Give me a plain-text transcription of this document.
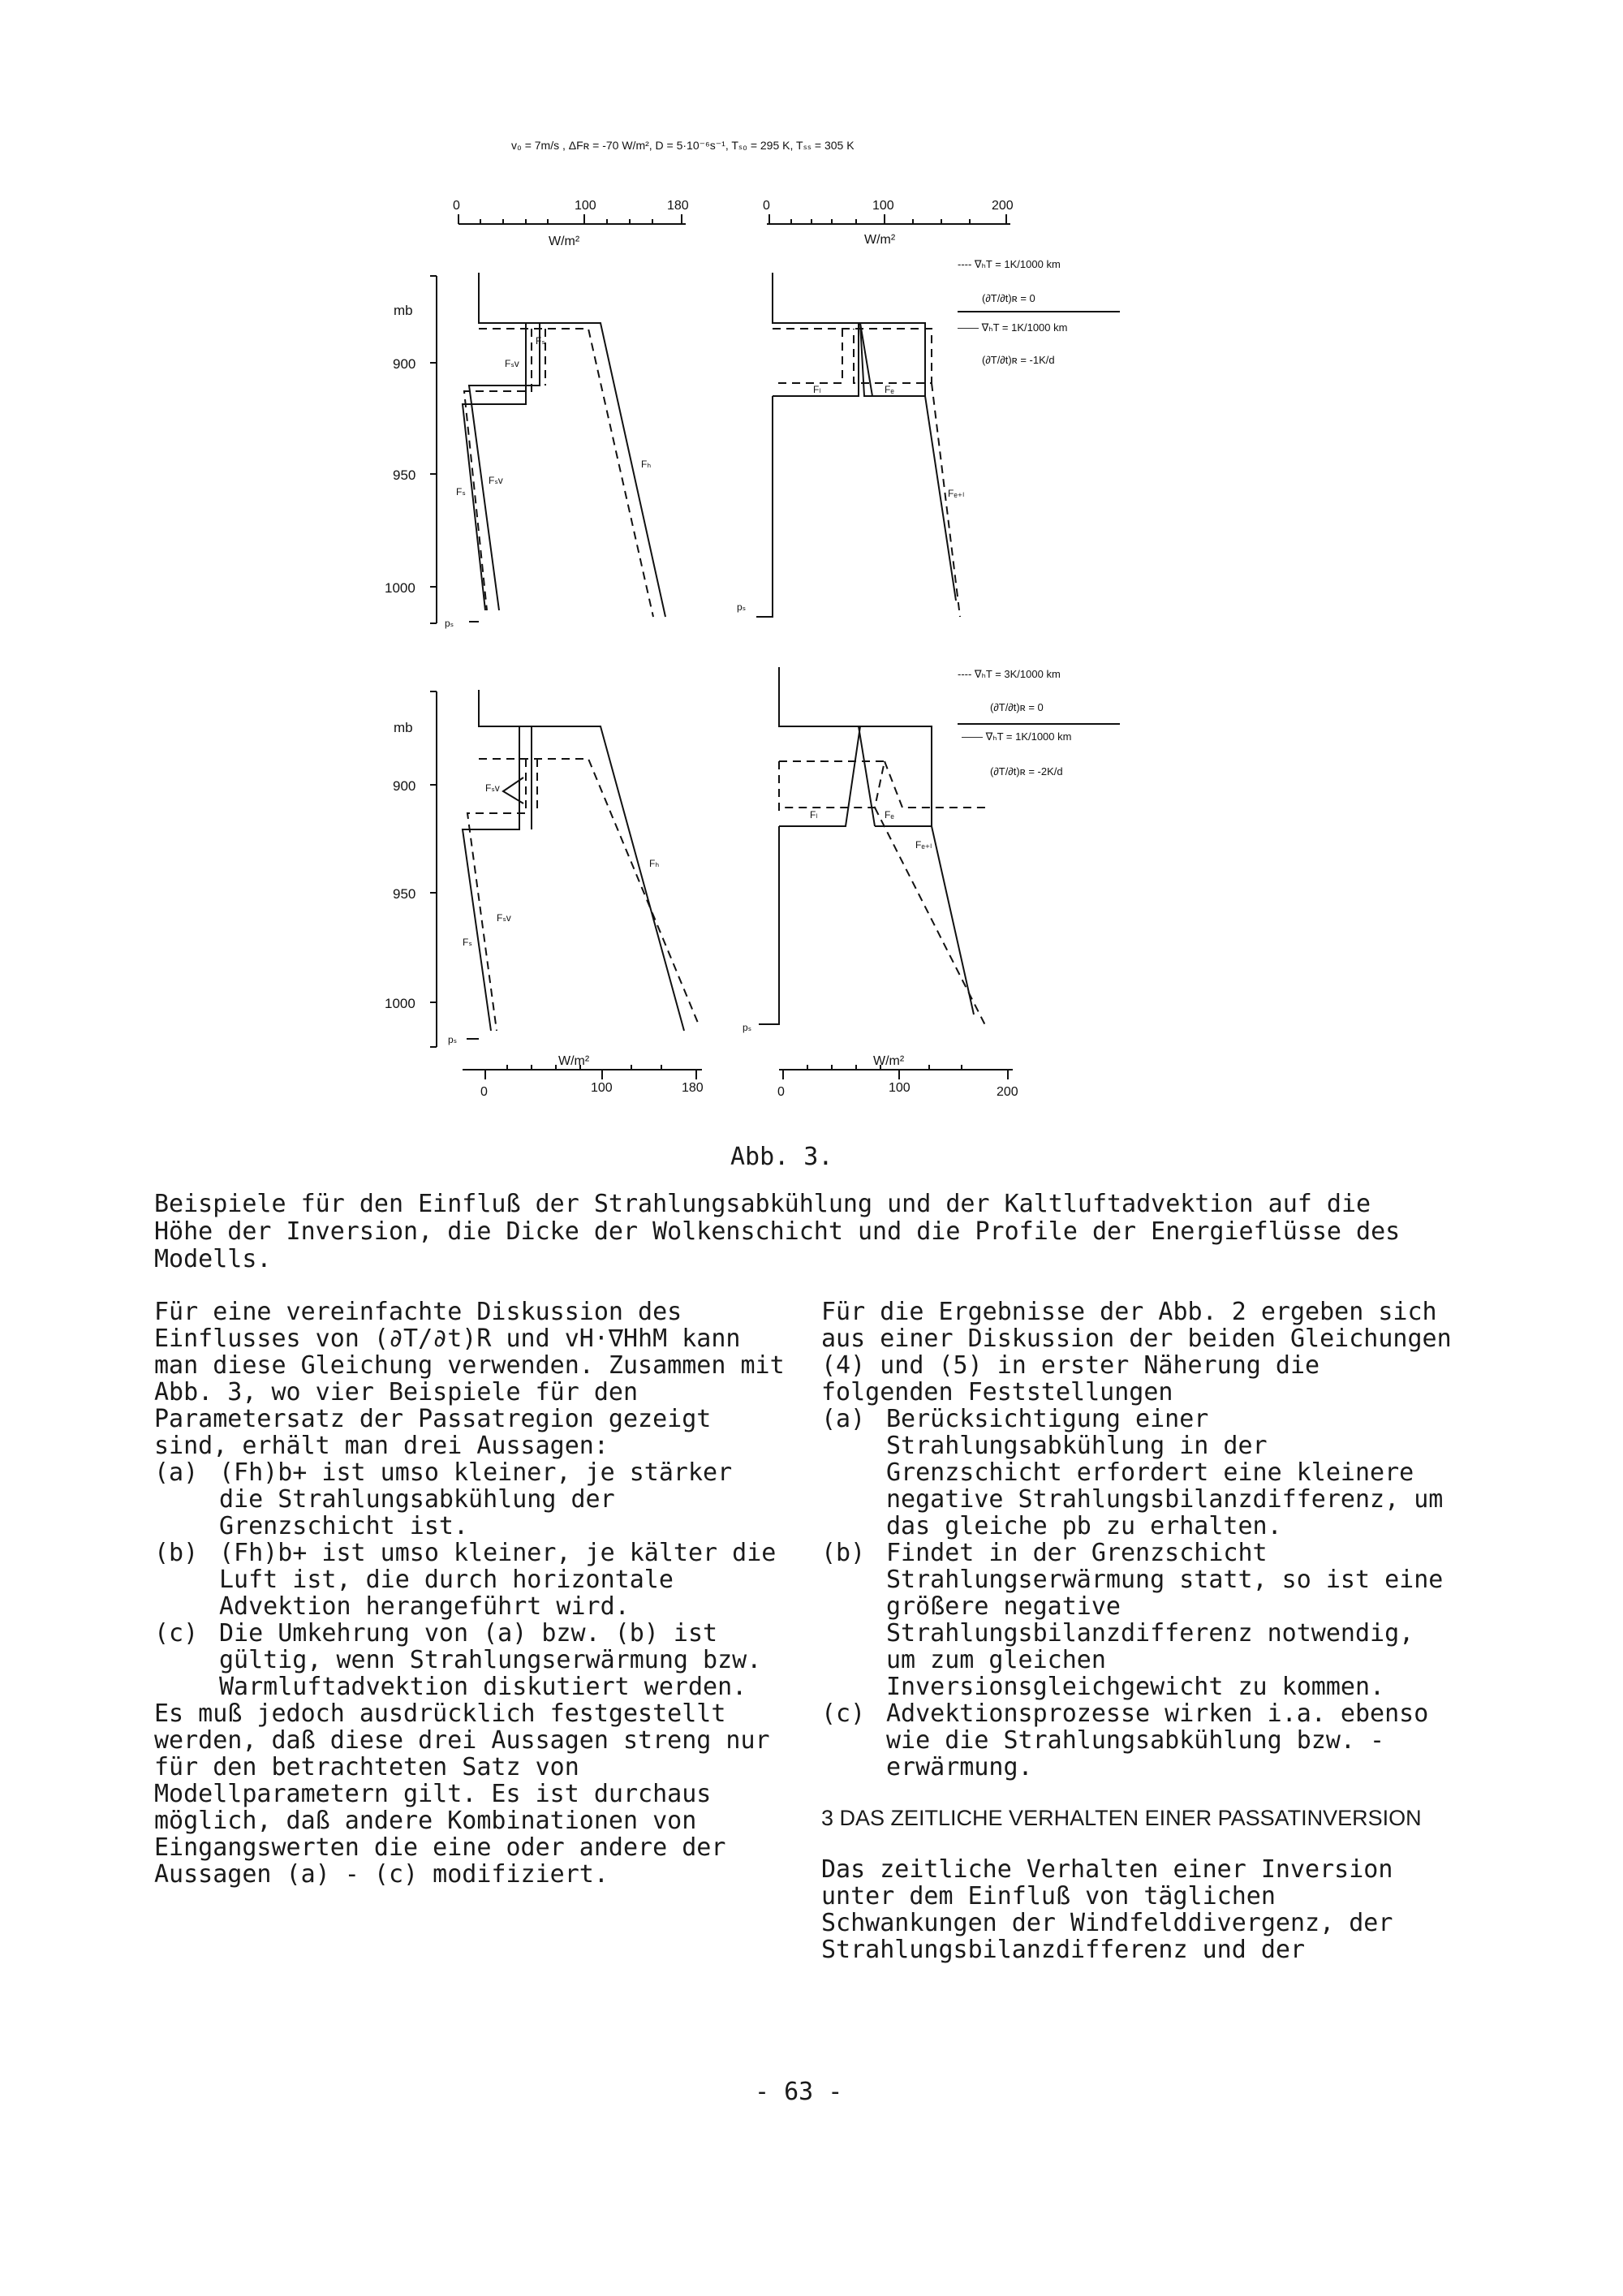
v₀ = 7m/s , ΔFʀ = -70 W/m², D = 5·10⁻⁶s⁻¹, Tₛ₀ = 295 K, Tₛₛ = 305 K
0	100	180
W/m²
0	100	200
W/m²
mb
900
950
1000
Fₛ
Fₛv
Fₕ
Fₛv
Fₛ
pₛ
Fₗ	Fₑ
Fₑ₊ₗ
pₛ
---- ∇ₕT = 1K/1000 km
(∂T/∂t)ʀ = 0
—— ∇ₕT = 1K/1000 km
(∂T/∂t)ʀ = -1K/d
mb
900
950
1000
Fₛv
Fₕ
Fₛv
Fₛ
pₛ
Fₗ	Fₑ
Fₑ₊ₗ
pₛ
---- ∇ₕT = 3K/1000 km
(∂T/∂t)ʀ = 0
—— ∇ₕT = 1K/1000 km
(∂T/∂t)ʀ = -2K/d
W/m²
0	100	180
W/m²
0	100	200
Abb. 3.
Beispiele für den Einfluß der Strahlungsabkühlung und der Kaltluftadvektion auf die Höhe der Inversion, die Dicke der Wolkenschicht und die Profile der Energieflüsse des Modells.

Für eine vereinfachte Diskussion des Einflusses von (∂T/∂t)R und vH·∇HhM kann man diese Gleichung verwenden. Zusammen mit Abb. 3, wo vier Beispiele für den Parametersatz der Passatregion gezeigt sind, erhält man drei Aussagen:

(a) (Fh)b+ ist umso kleiner, je stärker die Strahlungsabkühlung der Grenzschicht ist.
(b) (Fh)b+ ist umso kleiner, je kälter die Luft ist, die durch horizontale Advektion herangeführt wird.
(c) Die Umkehrung von (a) bzw. (b) ist gültig, wenn Strahlungserwärmung bzw. Warmluftadvektion diskutiert werden.

Es muß jedoch ausdrücklich festgestellt werden, daß diese drei Aussagen streng nur für den betrachteten Satz von Modellparametern gilt. Es ist durchaus möglich, daß andere Kombinationen von Eingangswerten die eine oder andere der Aussagen (a) - (c) modifiziert.

Für die Ergebnisse der Abb. 2 ergeben sich aus einer Diskussion der beiden Gleichungen (4) und (5) in erster Näherung die folgenden Feststellungen

(a) Berücksichtigung einer Strahlungsabkühlung in der Grenzschicht erfordert eine kleinere negative Strahlungsbilanzdifferenz, um das gleiche pb zu erhalten.
(b) Findet in der Grenzschicht Strahlungserwärmung statt, so ist eine größere negative Strahlungsbilanzdifferenz notwendig, um zum gleichen Inversionsgleichgewicht zu kommen.
(c) Advektionsprozesse wirken i.a. ebenso wie die Strahlungsabkühlung bzw. -erwärmung.

3 DAS ZEITLICHE VERHALTEN EINER PASSATINVERSION

Das zeitliche Verhalten einer Inversion unter dem Einfluß von täglichen Schwankungen der Windfelddivergenz, der Strahlungsbilanzdifferenz und der

- 63 -
